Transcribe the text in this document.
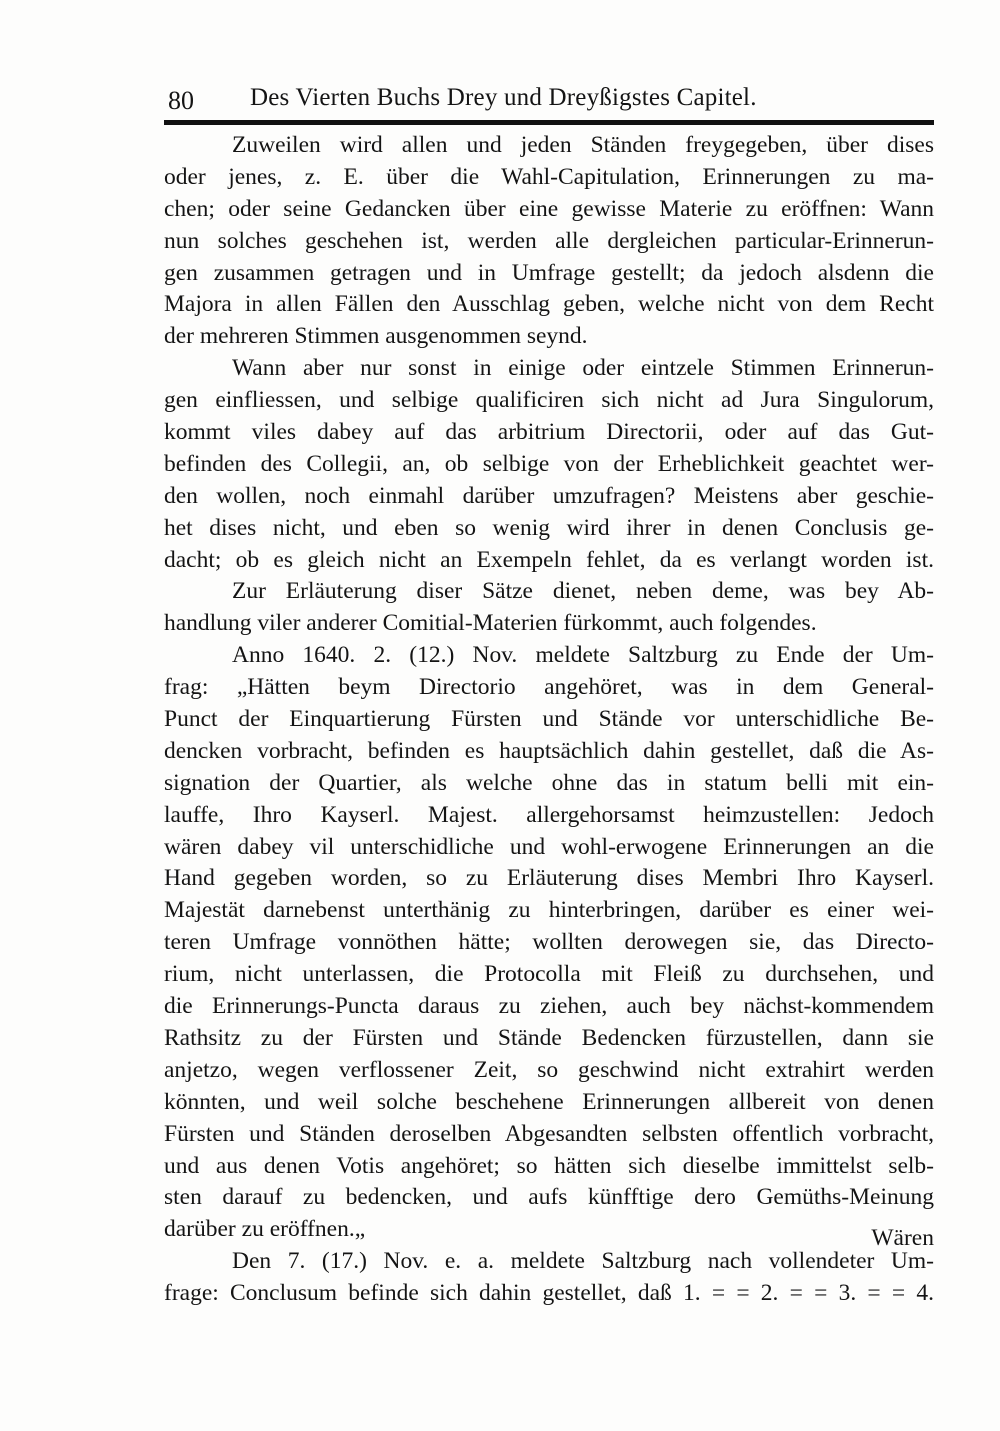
80 Des Vierten Buchs Drey und Dreyßigstes Capitel.
Zuweilen wird allen und jeden Ständen freygegeben, über dises
oder jenes, z. E. über die Wahl-Capitulation, Erinnerungen zu ma-
chen; oder seine Gedancken über eine gewisse Materie zu eröffnen: Wann
nun solches geschehen ist, werden alle dergleichen particular-Erinnerun-
gen zusammen getragen und in Umfrage gestellt; da jedoch alsdenn die
Majora in allen Fällen den Ausschlag geben, welche nicht von dem Recht
der mehreren Stimmen ausgenommen seynd.
Wann aber nur sonst in einige oder eintzele Stimmen Erinnerun-
gen einfliessen, und selbige qualificiren sich nicht ad Jura Singulorum,
kommt viles dabey auf das arbitrium Directorii, oder auf das Gut-
befinden des Collegii, an, ob selbige von der Erheblichkeit geachtet wer-
den wollen, noch einmahl darüber umzufragen? Meistens aber geschie-
het dises nicht, und eben so wenig wird ihrer in denen Conclusis ge-
dacht; ob es gleich nicht an Exempeln fehlet, da es verlangt worden ist.
Zur Erläuterung diser Sätze dienet, neben deme, was bey Ab-
handlung viler anderer Comitial-Materien fürkommt, auch folgendes.
Anno 1640. 2. (12.) Nov. meldete Saltzburg zu Ende der Um-
frag: „Hätten beym Directorio angehöret, was in dem General-
Punct der Einquartierung Fürsten und Stände vor unterschidliche Be-
dencken vorbracht, befinden es hauptsächlich dahin gestellet, daß die As-
signation der Quartier, als welche ohne das in statum belli mit ein-
lauffe, Ihro Kayserl. Majest. allergehorsamst heimzustellen: Jedoch
wären dabey vil unterschidliche und wohl-erwogene Erinnerungen an die
Hand gegeben worden, so zu Erläuterung dises Membri Ihro Kayserl.
Majestät darnebenst unterthänig zu hinterbringen, darüber es einer wei-
teren Umfrage vonnöthen hätte; wollten derowegen sie, das Directo-
rium, nicht unterlassen, die Protocolla mit Fleiß zu durchsehen, und
die Erinnerungs-Puncta daraus zu ziehen, auch bey nächst-kommendem
Rathsitz zu der Fürsten und Stände Bedencken fürzustellen, dann sie
anjetzo, wegen verflossener Zeit, so geschwind nicht extrahirt werden
könnten, und weil solche beschehene Erinnerungen allbereit von denen
Fürsten und Ständen deroselben Abgesandten selbsten offentlich vorbracht,
und aus denen Votis angehöret; so hätten sich dieselbe immittelst selb-
sten darauf zu bedencken, und aufs künfftige dero Gemüths-Meinung
darüber zu eröffnen.„
Den 7. (17.) Nov. e. a. meldete Saltzburg nach vollendeter Um-
frage: Conclusum befinde sich dahin gestellet, daß 1. = = 2. = = 3. = = 4.
Wären
